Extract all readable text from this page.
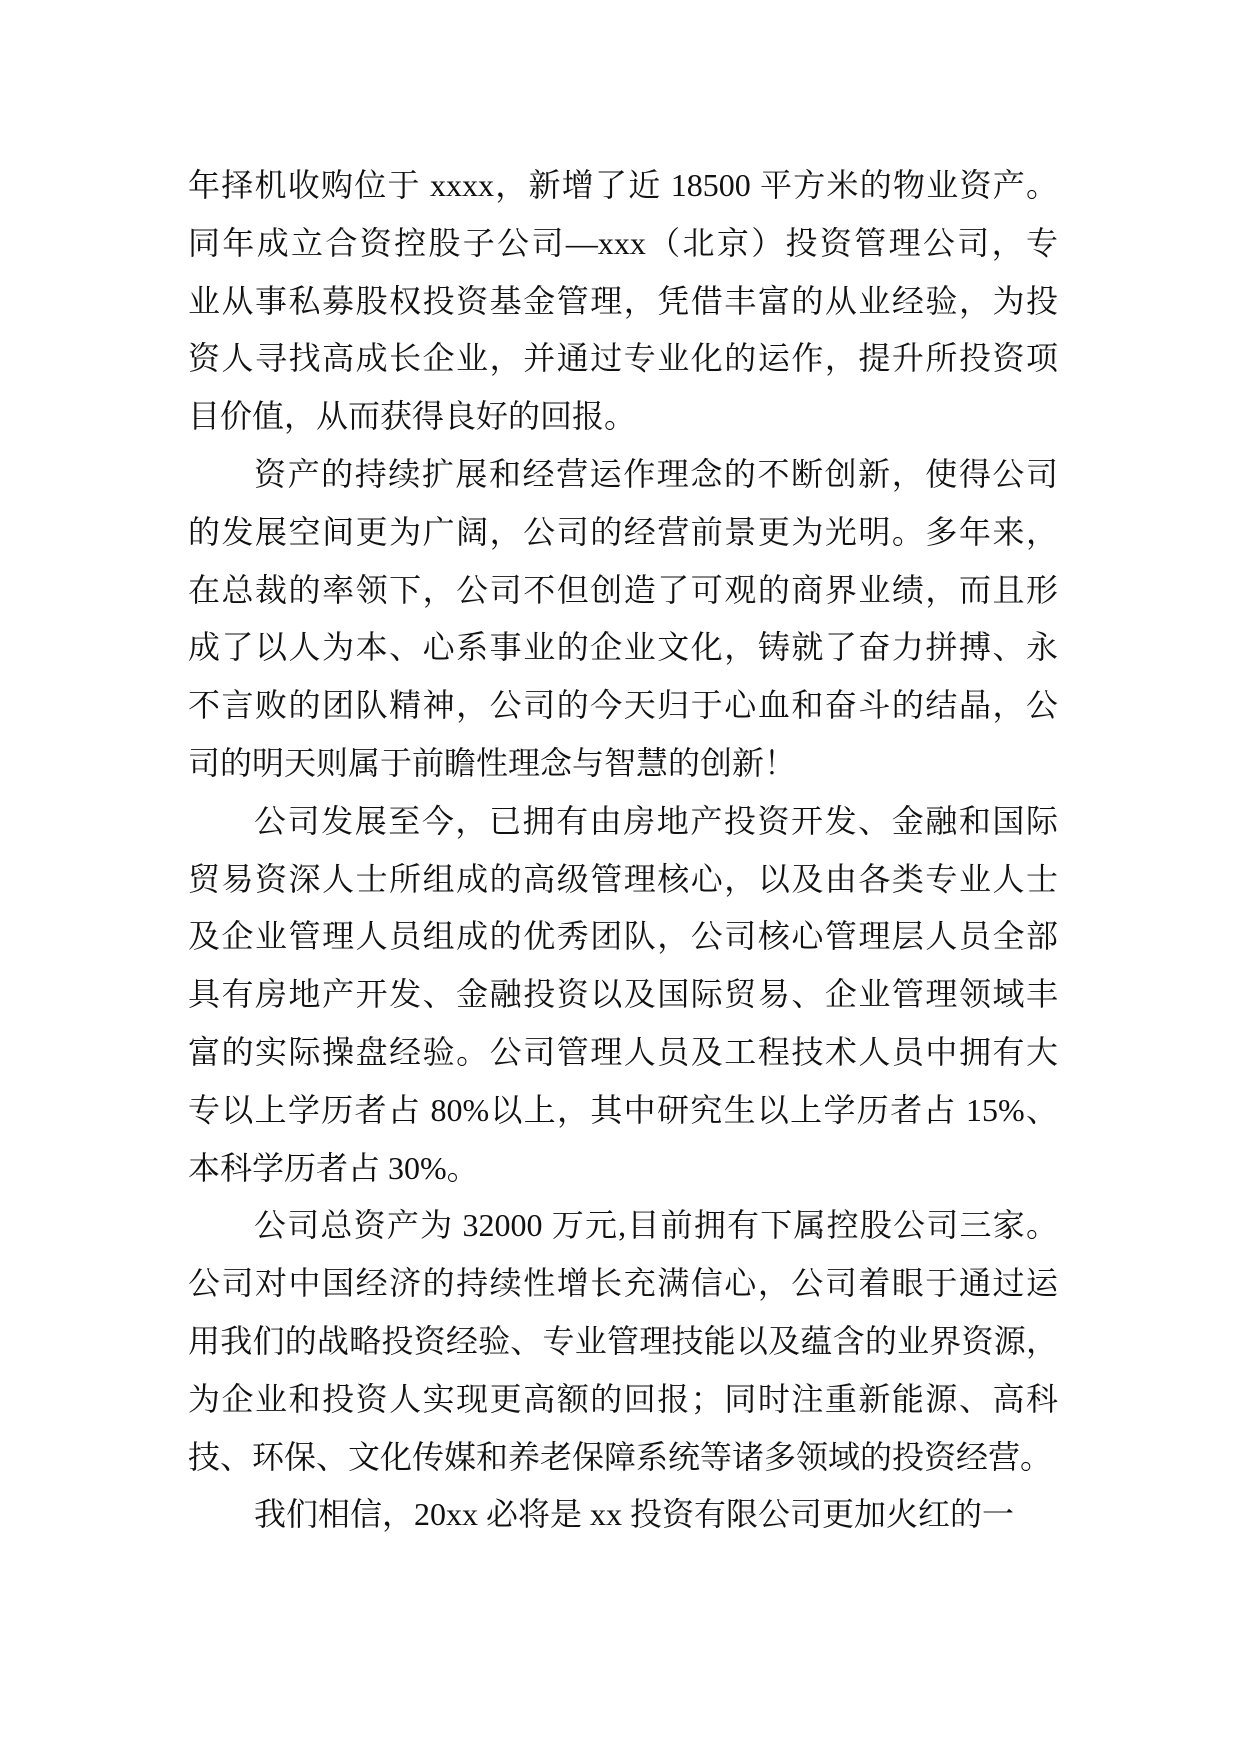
年择机收购位于 xxxx，新增了近 18500 平方米的物业资产。
同年成立合资控股子公司—xxx（北京）投资管理公司，专
业从事私募股权投资基金管理，凭借丰富的从业经验，为投
资人寻找高成长企业，并通过专业化的运作，提升所投资项
目价值，从而获得良好的回报。
资产的持续扩展和经营运作理念的不断创新，使得公司
的发展空间更为广阔，公司的经营前景更为光明。多年来，
在总裁的率领下，公司不但创造了可观的商界业绩，而且形
成了以人为本、心系事业的企业文化，铸就了奋力拼搏、永
不言败的团队精神，公司的今天归于心血和奋斗的结晶，公
司的明天则属于前瞻性理念与智慧的创新！
公司发展至今，已拥有由房地产投资开发、金融和国际
贸易资深人士所组成的高级管理核心，以及由各类专业人士
及企业管理人员组成的优秀团队，公司核心管理层人员全部
具有房地产开发、金融投资以及国际贸易、企业管理领域丰
富的实际操盘经验。公司管理人员及工程技术人员中拥有大
专以上学历者占 80%以上，其中研究生以上学历者占 15%、
本科学历者占 30%。
公司总资产为 32000 万元,目前拥有下属控股公司三家。
公司对中国经济的持续性增长充满信心，公司着眼于通过运
用我们的战略投资经验、专业管理技能以及蕴含的业界资源，
为企业和投资人实现更高额的回报；同时注重新能源、高科
技、环保、文化传媒和养老保障系统等诸多领域的投资经营。
我们相信，20xx 必将是 xx 投资有限公司更加火红的一
